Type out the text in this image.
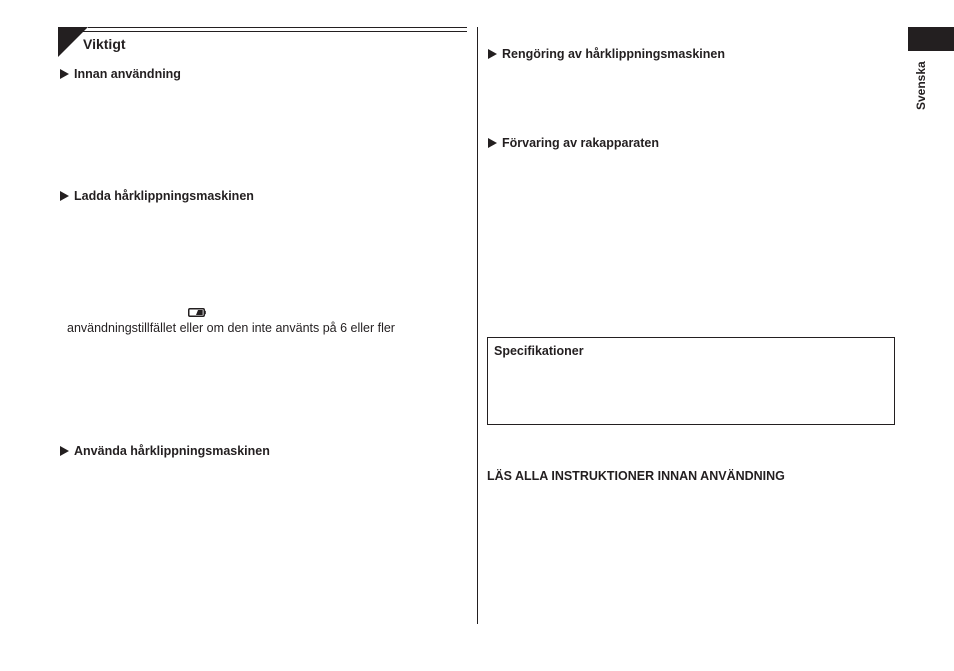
Viktigt
Innan användning
Ladda hårklippningsmaskinen

användningstillfället eller om den inte använts på 6 eller fler

Använda hårklippningsmaskinen
Rengöring av hårklippningsmaskinen
Förvaring av rakapparaten
Specifikationer
LÄS ALLA INSTRUKTIONER INNAN ANVÄNDNING

Svenska
